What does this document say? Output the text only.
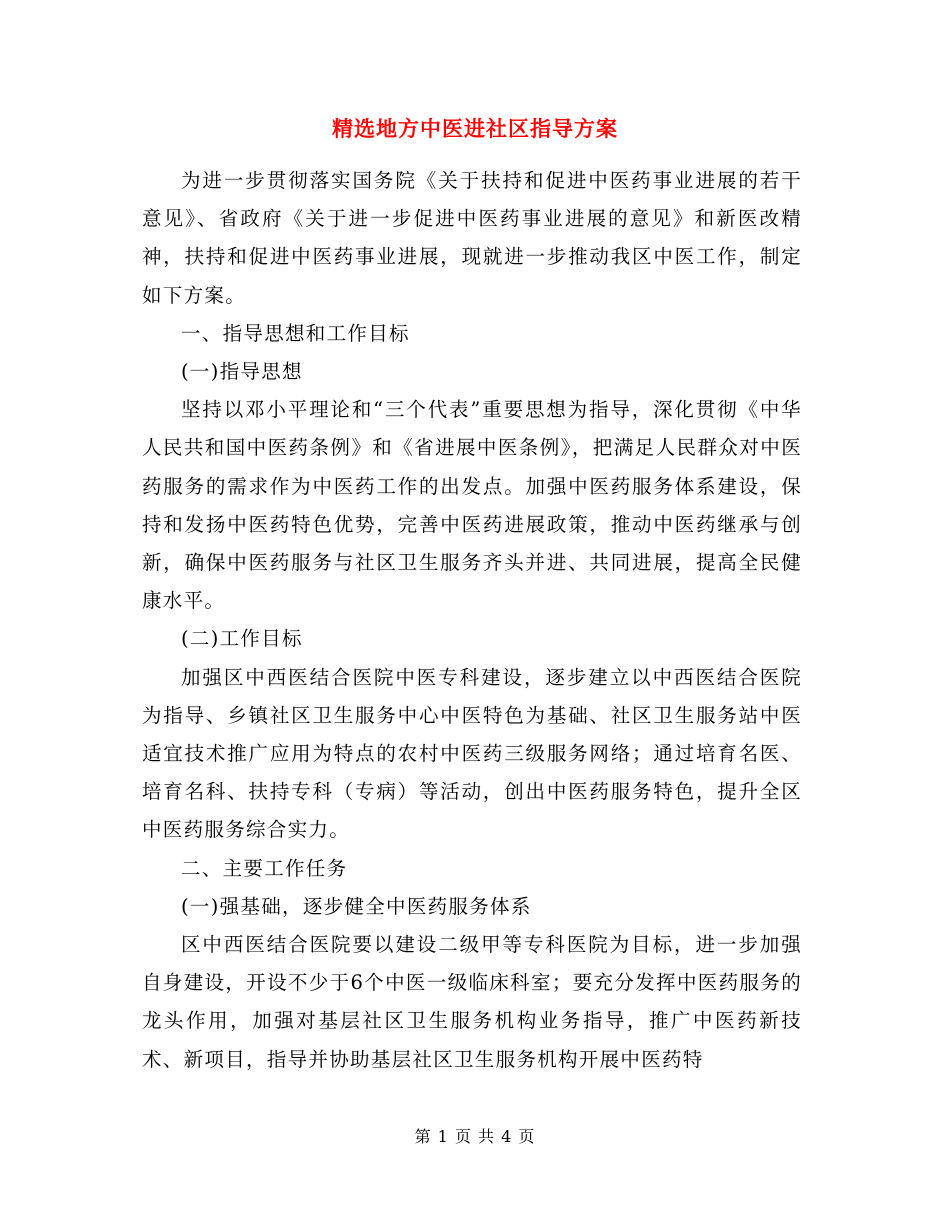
精选地方中医进社区指导方案

为进一步贯彻落实国务院《关于扶持和促进中医药事业进展的若干意见》、省政府《关于进一步促进中医药事业进展的意见》和新医改精神，扶持和促进中医药事业进展，现就进一步推动我区中医工作，制定如下方案。

一、指导思想和工作目标

(一)指导思想

坚持以邓小平理论和“三个代表”重要思想为指导，深化贯彻《中华人民共和国中医药条例》和《省进展中医条例》，把满足人民群众对中医药服务的需求作为中医药工作的出发点。加强中医药服务体系建设，保持和发扬中医药特色优势，完善中医药进展政策，推动中医药继承与创新，确保中医药服务与社区卫生服务齐头并进、共同进展，提高全民健康水平。

(二)工作目标

加强区中西医结合医院中医专科建设，逐步建立以中西医结合医院为指导、乡镇社区卫生服务中心中医特色为基础、社区卫生服务站中医适宜技术推广应用为特点的农村中医药三级服务网络；通过培育名医、培育名科、扶持专科（专病）等活动，创出中医药服务特色，提升全区中医药服务综合实力。

二、主要工作任务

(一)强基础，逐步健全中医药服务体系

区中西医结合医院要以建设二级甲等专科医院为目标，进一步加强自身建设，开设不少于6个中医一级临床科室；要充分发挥中医药服务的龙头作用，加强对基层社区卫生服务机构业务指导，推广中医药新技术、新项目，指导并协助基层社区卫生服务机构开展中医药特

第 1 页 共 4 页
